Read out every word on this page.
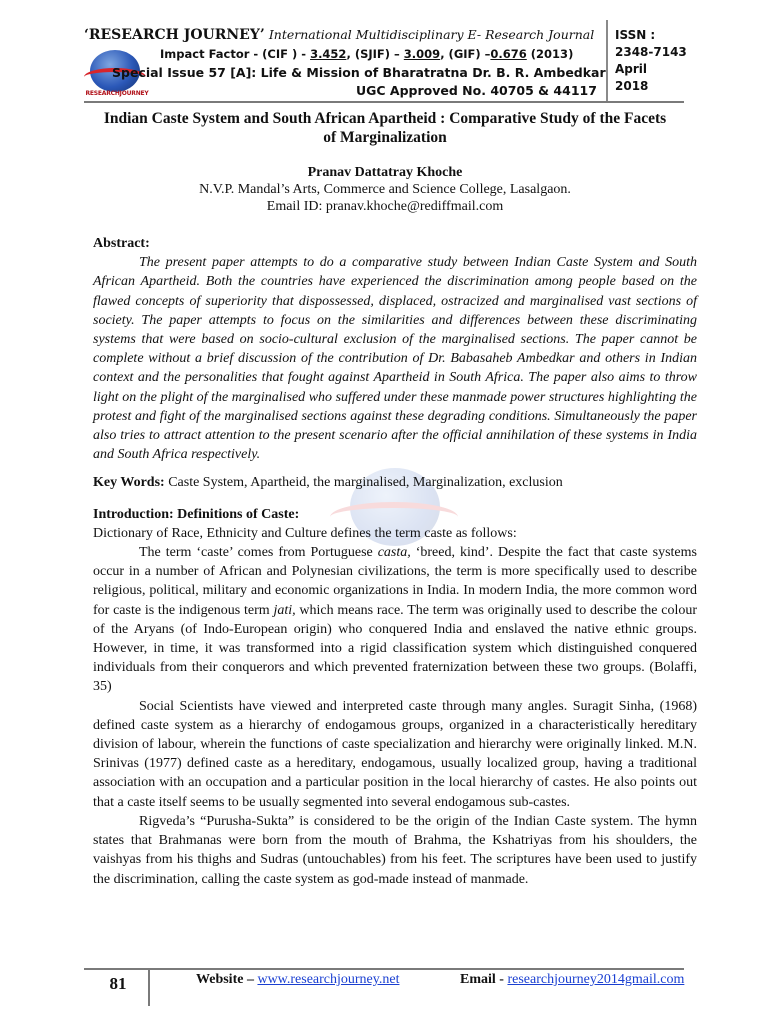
RESEARCHJOURNEY
‘RESEARCH JOURNEY’ International Multidisciplinary E- Research Journal
Impact Factor - (CIF ) - 3.452, (SJIF) – 3.009, (GIF) –0.676 (2013)
Special Issue 57 [A]: Life & Mission of Bharatratna Dr. B. R. Ambedkar
UGC Approved No. 40705 & 44117
ISSN :
2348-7143
April
2018
Indian Caste System and South African Apartheid : Comparative Study of the Facets of Marginalization
Pranav Dattatray Khoche
N.V.P. Mandal’s Arts, Commerce and Science College, Lasalgaon.
Email ID: pranav.khoche@rediffmail.com

Abstract:

The present paper attempts to do a comparative study between Indian Caste System and South African Apartheid. Both the countries have experienced the discrimination among people based on the flawed concepts of superiority that dispossessed, displaced, ostracized and marginalised vast sections of society. The paper attempts to focus on the similarities and differences between these discriminating systems that were based on socio-cultural exclusion of the marginalised sections. The paper cannot be complete without a brief discussion of the contribution of Dr. Babasaheb Ambedkar and others in Indian context and the personalities that fought against Apartheid in South Africa. The paper also aims to throw light on the plight of the marginalised who suffered under these manmade power structures highlighting the protest and fight of the marginalised sections against these degrading conditions. Simultaneously the paper also tries to attract attention to the present scenario after the official annihilation of these systems in India and South Africa respectively.

Key Words: Caste System, Apartheid, the marginalised, Marginalization, exclusion

Introduction: Definitions of Caste:

Dictionary of Race, Ethnicity and Culture defines the term caste as follows:

The term ‘caste’ comes from Portuguese casta, ‘breed, kind’. Despite the fact that caste systems occur in a number of African and Polynesian civilizations, the term is more specifically used to describe religious, political, military and economic organizations in India. In modern India, the more common word for caste is the indigenous term jati, which means race. The term was originally used to describe the colour of the Aryans (of Indo-European origin) who conquered India and enslaved the native ethnic groups. However, in time, it was transformed into a rigid classification system which distinguished conquered individuals from their conquerors and which prevented fraternization between these two groups. (Bolaffi, 35)

Social Scientists have viewed and interpreted caste through many angles. Suragit Sinha, (1968) defined caste system as a hierarchy of endogamous groups, organized in a characteristically hereditary division of labour, wherein the functions of caste specialization and hierarchy were originally linked. M.N. Srinivas (1977) defined caste as a hereditary, endogamous, usually localized group, having a traditional association with an occupation and a particular position in the local hierarchy of castes. He also points out that a caste itself seems to be usually segmented into several endogamous sub-castes.

Rigveda’s “Purusha-Sukta” is considered to be the origin of the Indian Caste system. The hymn states that Brahmanas were born from the mouth of Brahma, the Kshatriyas from his shoulders, the vaishyas from his thighs and Sudras (untouchables) from his feet. The scriptures have been used to justify the discrimination, calling the caste system as god-made instead of manmade.

81	Website – www.researchjourney.net	Email - researchjourney2014gmail.com
